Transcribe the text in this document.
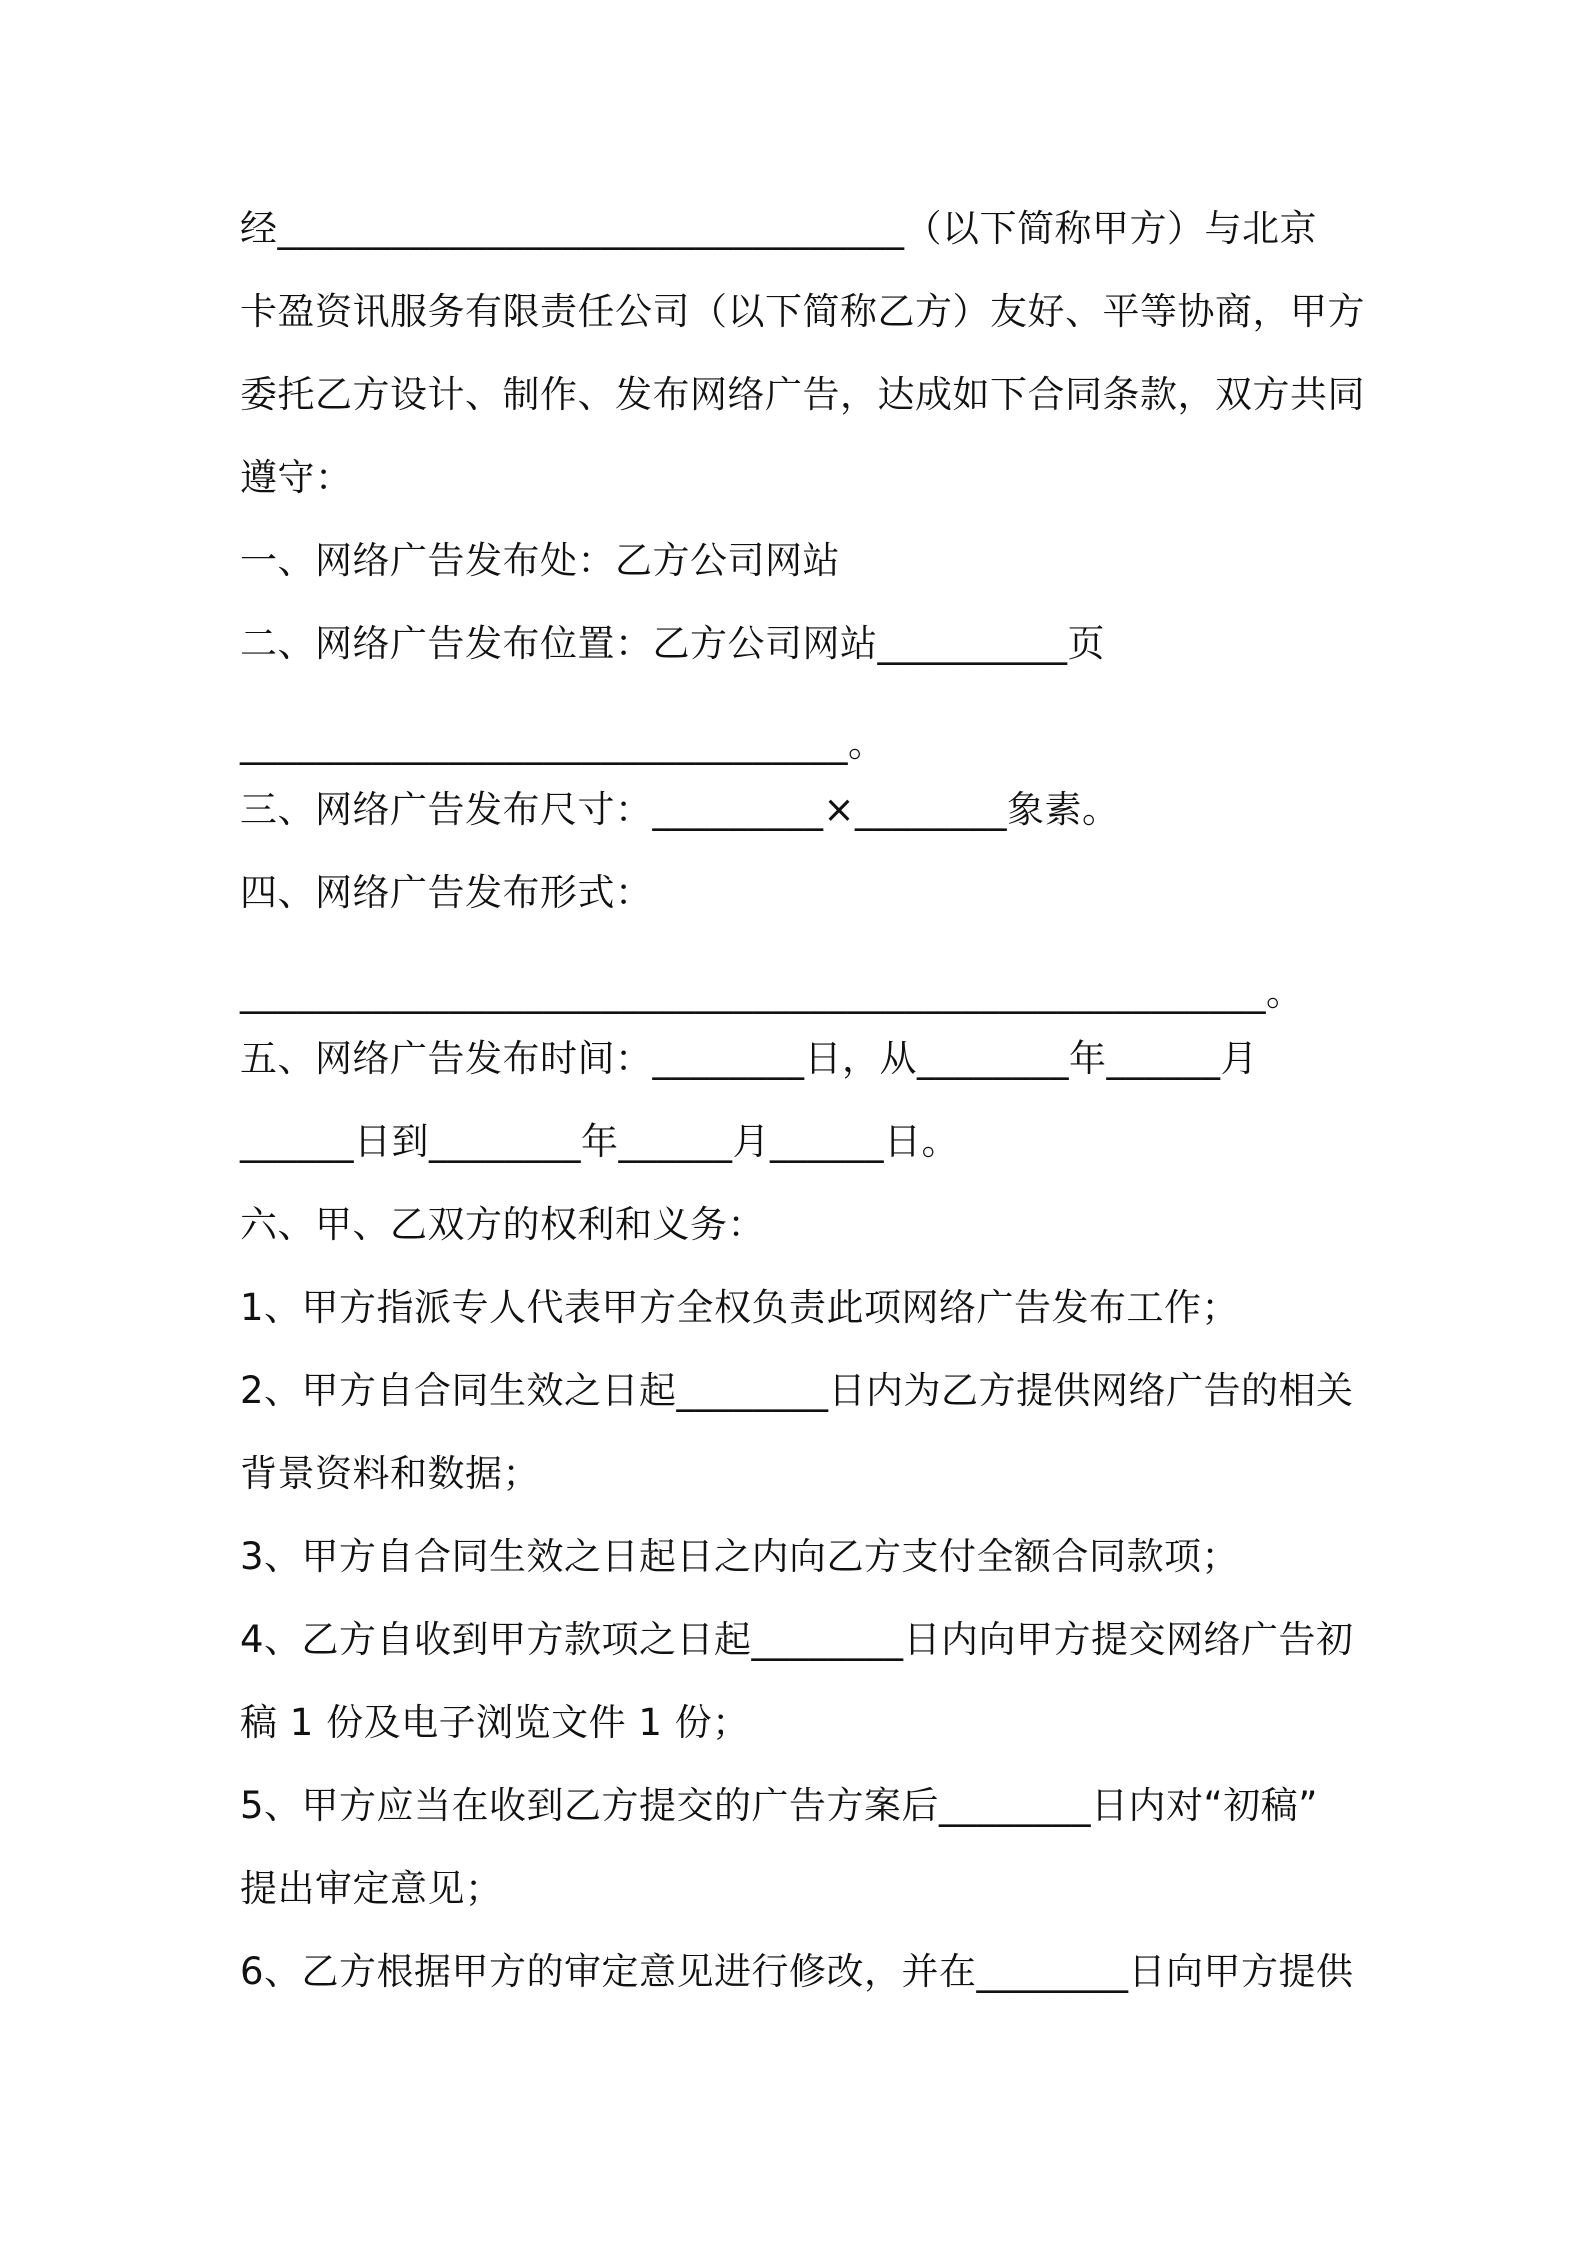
经_________________________________（以下简称甲方）与北京
卡盈资讯服务有限责任公司（以下简称乙方）友好、平等协商，甲方
委托乙方设计、制作、发布网络广告，达成如下合同条款，双方共同
遵守：
一、网络广告发布处：乙方公司网站
二、网络广告发布位置：乙方公司网站__________页
________________________________。
三、网络广告发布尺寸：_________×________象素。
四、网络广告发布形式：
______________________________________________________。
五、网络广告发布时间：________日，从________年______月
______日到________年______月______日。
六、甲、乙双方的权利和义务：
1、甲方指派专人代表甲方全权负责此项网络广告发布工作；
2、甲方自合同生效之日起________日内为乙方提供网络广告的相关
背景资料和数据；
3、甲方自合同生效之日起日之内向乙方支付全额合同款项；
4、乙方自收到甲方款项之日起________日内向甲方提交网络广告初
稿 1 份及电子浏览文件 1 份；
5、甲方应当在收到乙方提交的广告方案后________日内对“初稿”
提出审定意见；
6、乙方根据甲方的审定意见进行修改，并在________日向甲方提供
